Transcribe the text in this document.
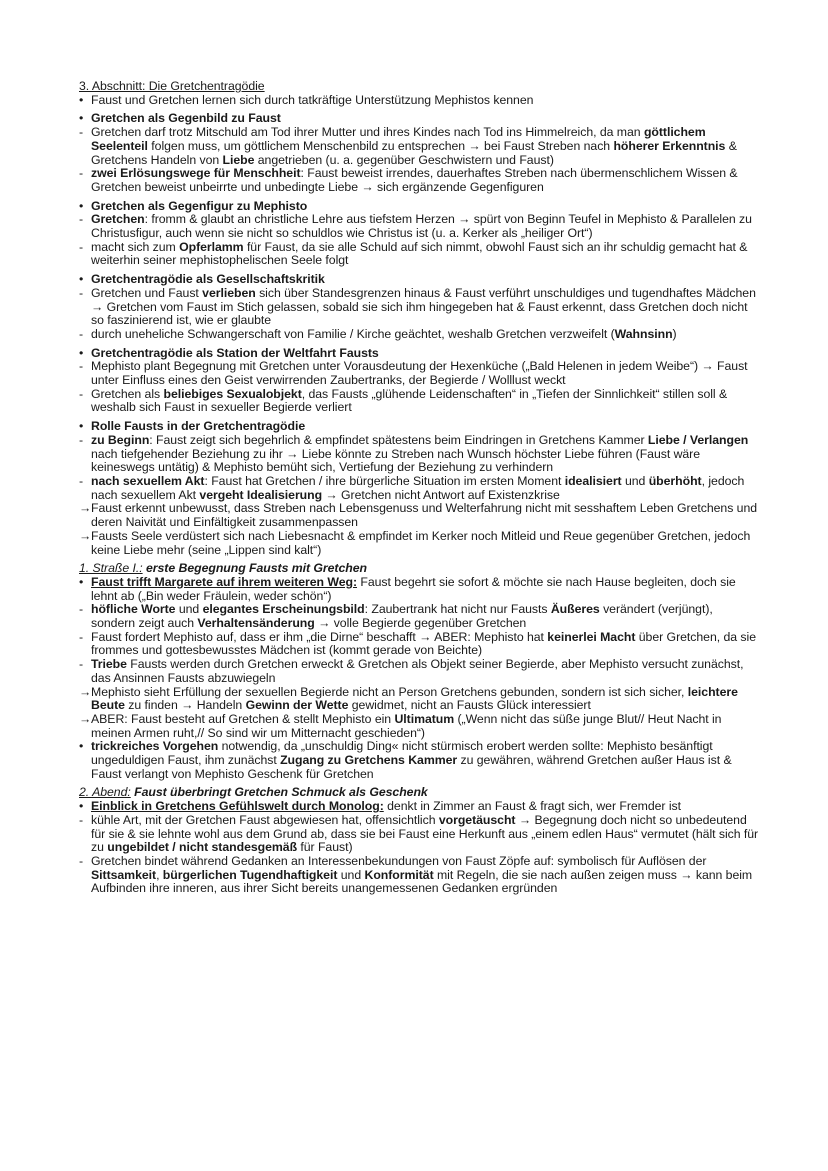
3. Abschnitt: Die Gretchentragödie
• Faust und Gretchen lernen sich durch tatkräftige Unterstützung Mephistos kennen
• Gretchen als Gegenbild zu Faust
- Gretchen darf trotz Mitschuld am Tod ihrer Mutter und ihres Kindes nach Tod ins Himmelreich, da man göttlichem Seelenteil folgen muss, um göttlichem Menschenbild zu entsprechen → bei Faust Streben nach höherer Erkenntnis & Gretchens Handeln von Liebe angetrieben (u. a. gegenüber Geschwistern und Faust)
- zwei Erlösungswege für Menschheit: Faust beweist irrendes, dauerhaftes Streben nach übermenschlichem Wissen & Gretchen beweist unbeirrte und unbedingte Liebe → sich ergänzende Gegenfiguren
• Gretchen als Gegenfigur zu Mephisto
- Gretchen: fromm & glaubt an christliche Lehre aus tiefstem Herzen → spürt von Beginn Teufel in Mephisto & Parallelen zu Christusfigur, auch wenn sie nicht so schuldlos wie Christus ist (u. a. Kerker als „heiliger Ort“)
- macht sich zum Opferlamm für Faust, da sie alle Schuld auf sich nimmt, obwohl Faust sich an ihr schuldig gemacht hat & weiterhin seiner mephistophelischen Seele folgt
• Gretchentragödie als Gesellschaftskritik
- Gretchen und Faust verlieben sich über Standesgrenzen hinaus & Faust verführt unschuldiges und tugendhaftes Mädchen → Gretchen vom Faust im Stich gelassen, sobald sie sich ihm hingegeben hat & Faust erkennt, dass Gretchen doch nicht so faszinierend ist, wie er glaubte
- durch uneheliche Schwangerschaft von Familie / Kirche geächtet, weshalb Gretchen verzweifelt (Wahnsinn)
• Gretchentragödie als Station der Weltfahrt Fausts
- Mephisto plant Begegnung mit Gretchen unter Vorausdeutung der Hexenküche („Bald Helenen in jedem Weibe“) → Faust unter Einfluss eines den Geist verwirrenden Zaubertranks, der Begierde / Wolllust weckt
- Gretchen als beliebiges Sexualobjekt, das Fausts „glühende Leidenschaften“ in „Tiefen der Sinnlichkeit“ stillen soll & weshalb sich Faust in sexueller Begierde verliert
• Rolle Fausts in der Gretchentragödie
- zu Beginn: Faust zeigt sich begehrlich & empfindet spätestens beim Eindringen in Gretchens Kammer Liebe / Verlangen nach tiefgehender Beziehung zu ihr → Liebe könnte zu Streben nach Wunsch höchster Liebe führen (Faust wäre keineswegs untätig) & Mephisto bemüht sich, Vertiefung der Beziehung zu verhindern
- nach sexuellem Akt: Faust hat Gretchen / ihre bürgerliche Situation im ersten Moment idealisiert und überhöht, jedoch nach sexuellem Akt vergeht Idealisierung → Gretchen nicht Antwort auf Existenzkrise
→ Faust erkennt unbewusst, dass Streben nach Lebensgenuss und Welterfahrung nicht mit sesshaftem Leben Gretchens und deren Naivität und Einfältigkeit zusammenpassen
→ Fausts Seele verdüstert sich nach Liebesnacht & empfindet im Kerker noch Mitleid und Reue gegenüber Gretchen, jedoch keine Liebe mehr (seine „Lippen sind kalt“)
1. Straße I.: erste Begegnung Fausts mit Gretchen
• Faust trifft Margarete auf ihrem weiteren Weg: Faust begehrt sie sofort & möchte sie nach Hause begleiten, doch sie lehnt ab („Bin weder Fräulein, weder schön“)
- höfliche Worte und elegantes Erscheinungsbild: Zaubertrank hat nicht nur Fausts Äußeres verändert (verjüngt), sondern zeigt auch Verhaltensänderung → volle Begierde gegenüber Gretchen
- Faust fordert Mephisto auf, dass er ihm „die Dirne“ beschafft → ABER: Mephisto hat keinerlei Macht über Gretchen, da sie frommes und gottesbewusstes Mädchen ist (kommt gerade von Beichte)
- Triebe Fausts werden durch Gretchen erweckt & Gretchen als Objekt seiner Begierde, aber Mephisto versucht zunächst, das Ansinnen Fausts abzuwiegeln
→ Mephisto sieht Erfüllung der sexuellen Begierde nicht an Person Gretchens gebunden, sondern ist sich sicher, leichtere Beute zu finden → Handeln Gewinn der Wette gewidmet, nicht an Fausts Glück interessiert
→ ABER: Faust besteht auf Gretchen & stellt Mephisto ein Ultimatum („Wenn nicht das süße junge Blut// Heut Nacht in meinen Armen ruht,// So sind wir um Mitternacht geschieden“)
• trickreiches Vorgehen notwendig, da „unschuldig Ding« nicht stürmisch erobert werden sollte: Mephisto besänftigt ungeduldigen Faust, ihm zunächst Zugang zu Gretchens Kammer zu gewähren, während Gretchen außer Haus ist & Faust verlangt von Mephisto Geschenk für Gretchen
2. Abend: Faust überbringt Gretchen Schmuck als Geschenk
• Einblick in Gretchens Gefühlswelt durch Monolog: denkt in Zimmer an Faust & fragt sich, wer Fremder ist
- kühle Art, mit der Gretchen Faust abgewiesen hat, offensichtlich vorgetäuscht → Begegnung doch nicht so unbedeutend für sie & sie lehnte wohl aus dem Grund ab, dass sie bei Faust eine Herkunft aus „einem edlen Haus“ vermutet (hält sich für zu ungebildet / nicht standesgemäß für Faust)
- Gretchen bindet während Gedanken an Interessenbekundungen von Faust Zöpfe auf: symbolisch für Auflösen der Sittsamkeit, bürgerlichen Tugendhaftigkeit und Konformität mit Regeln, die sie nach außen zeigen muss → kann beim Aufbinden ihre inneren, aus ihrer Sicht bereits unangemessenen Gedanken ergründen
